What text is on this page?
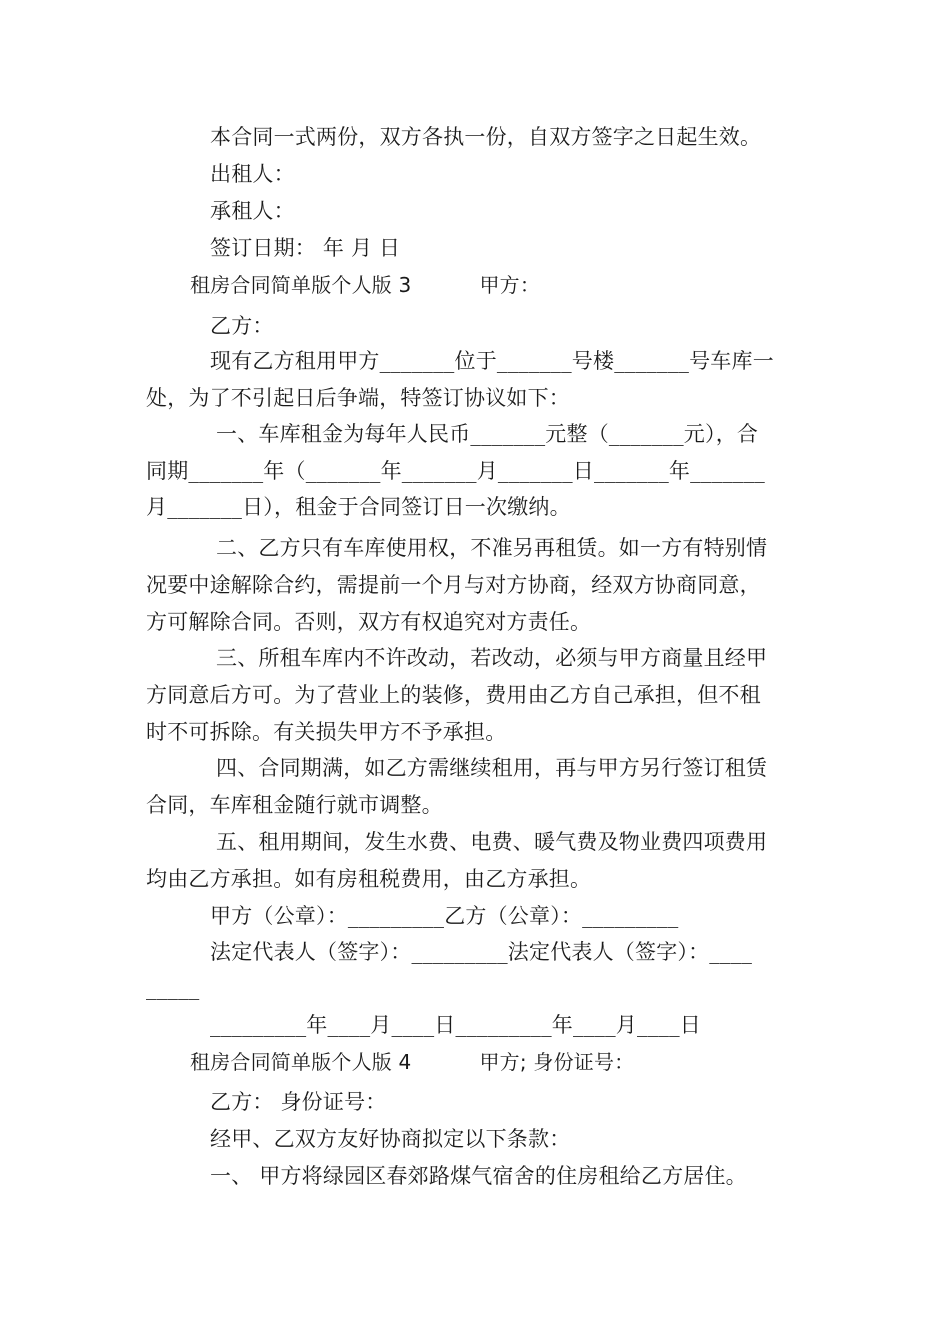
本合同一式两份，双方各执一份，自双方签字之日起生效。
出租人：
承租人：
签订日期： 年 月 日
租房合同简单版个人版 3	甲方：
乙方：
现有乙方租用甲方_______位于_______号楼_______号车库一
处，为了不引起日后争端，特签订协议如下：
一、车库租金为每年人民币_______元整（_______元），合
同期_______年（_______年_______月_______日_______年_______
月_______日），租金于合同签订日一次缴纳。
二、乙方只有车库使用权，不准另再租赁。如一方有特别情
况要中途解除合约，需提前一个月与对方协商，经双方协商同意，
方可解除合同。否则，双方有权追究对方责任。
三、所租车库内不许改动，若改动，必须与甲方商量且经甲
方同意后方可。为了营业上的装修，费用由乙方自己承担，但不租
时不可拆除。有关损失甲方不予承担。
四、合同期满，如乙方需继续租用，再与甲方另行签订租赁
合同，车库租金随行就市调整。
五、租用期间，发生水费、电费、暖气费及物业费四项费用
均由乙方承担。如有房租税费用，由乙方承担。
甲方（公章）：_________乙方（公章）：_________
法定代表人（签字）：_________法定代表人（签字）：____
_____
_________年____月____日_________年____月____日
租房合同简单版个人版 4	甲方; 身份证号：
乙方： 身份证号：
经甲、乙双方友好协商拟定以下条款：
一、 甲方将绿园区春郊路煤气宿舍的住房租给乙方居住。
